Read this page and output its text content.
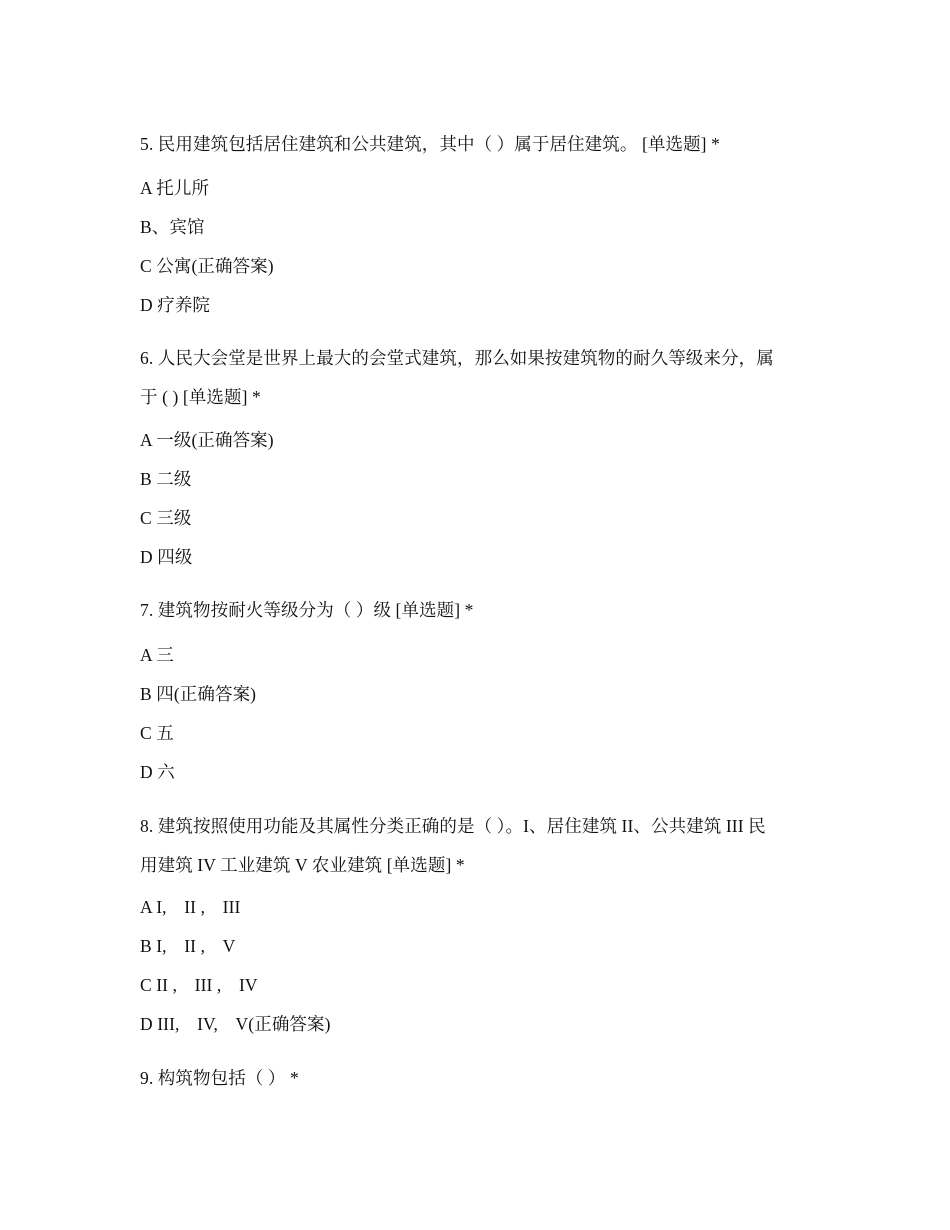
5. 民用建筑包括居住建筑和公共建筑，其中（ ）属于居住建筑。 [单选题] *
A 托儿所
B、宾馆
C 公寓(正确答案)
D 疗养院
6. 人民大会堂是世界上最大的会堂式建筑，那么如果按建筑物的耐久等级来分，属
于 ( ) [单选题] *
A 一级(正确答案)
B 二级
C 三级
D 四级
7. 建筑物按耐火等级分为（ ）级 [单选题] *
A 三
B 四(正确答案)
C 五
D 六
8. 建筑按照使用功能及其属性分类正确的是（ ）。I、居住建筑 II、公共建筑 III 民
用建筑 IV 工业建筑 V 农业建筑 [单选题] *
A I,　II ,　III
B I,　II ,　V
C II ,　III ,　IV
D III,　IV,　V(正确答案)
9. 构筑物包括（ ） *
